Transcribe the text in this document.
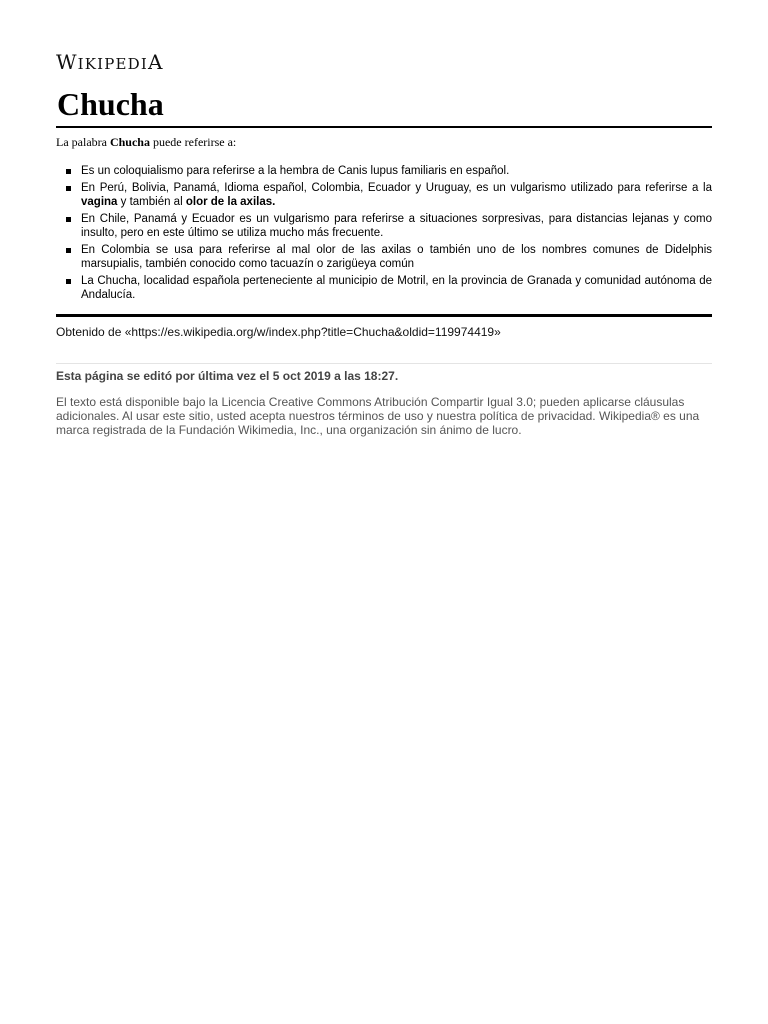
WIKIPEDIA
Chucha

La palabra Chucha puede referirse a:

Es un coloquialismo para referirse a la hembra de Canis lupus familiaris en español.
En Perú, Bolivia, Panamá, Idioma español, Colombia, Ecuador y Uruguay, es un vulgarismo utilizado para referirse a la vagina y también al olor de la axilas.
En Chile, Panamá y Ecuador es un vulgarismo para referirse a situaciones sorpresivas, para distancias lejanas y como insulto, pero en este último se utiliza mucho más frecuente.
En Colombia se usa para referirse al mal olor de las axilas o también uno de los nombres comunes de Didelphis marsupialis, también conocido como tacuazín o zarigüeya común
La Chucha, localidad española perteneciente al municipio de Motril, en la provincia de Granada y comunidad autónoma de Andalucía.
Obtenido de «https://es.wikipedia.org/w/index.php?title=Chucha&oldid=119974419»
Esta página se editó por última vez el 5 oct 2019 a las 18:27.

El texto está disponible bajo la Licencia Creative Commons Atribución Compartir Igual 3.0; pueden aplicarse cláusulas adicionales. Al usar este sitio, usted acepta nuestros términos de uso y nuestra política de privacidad. Wikipedia® es una marca registrada de la Fundación Wikimedia, Inc., una organización sin ánimo de lucro.
